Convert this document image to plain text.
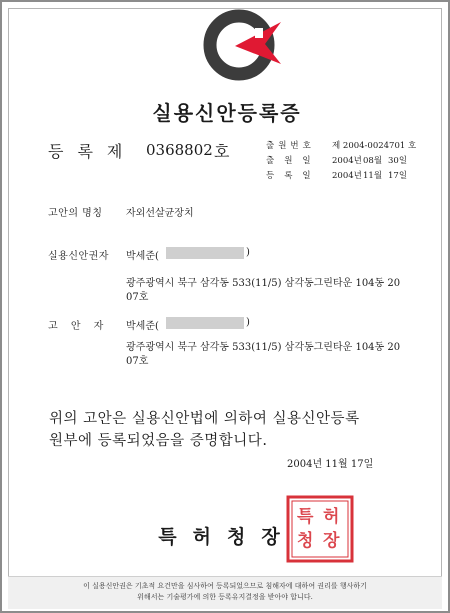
실용신안등록증
등록제 0368802 호	출원번호 제 2004-0024701 호
출원일 2004년 08월 30일
등록일 2004년 11월 17일
고안의 명칭 자외선살균장치
실용신안권자 박세준(	)
광주광역시 북구 삼각동 533(11/5) 삼각동그린타운 104동 20
07호
고 안 자 박세준(	)
광주광역시 북구 삼각동 533(11/5) 삼각동그린타운 104동 20
07호
위의 고안은 실용신안법에 의하여 실용신안등록
원부에 등록되었음을 증명합니다.
2004년 11월 17일
특 허
청 장
특허청장
이 실용신안권은 기초적 요건만을 심사하여 등록되었으므로 침해자에 대하여 권리를 행사하기
위해서는 기술평가에 의한 등록유지결정을 받아야 합니다.
